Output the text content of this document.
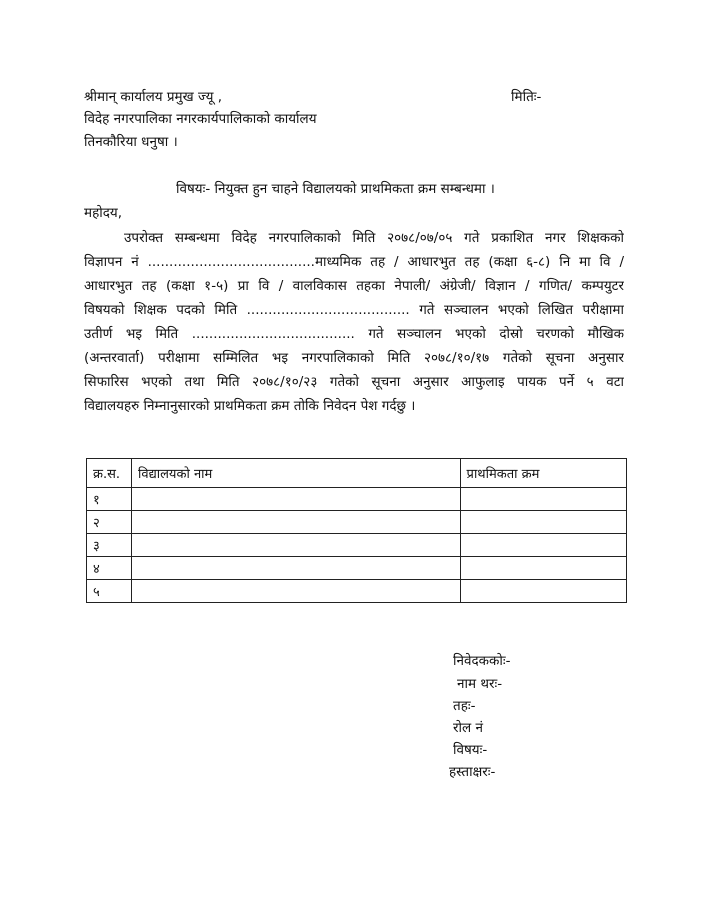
श्रीमान् कार्यालय प्रमुख ज्यू ,	मितिः-
विदेह नगरपालिका नगरकार्यपालिकाको कार्यालय
तिनकौरिया धनुषा ।
विषयः- नियुक्त हुन चाहने विद्यालयको प्राथमिकता क्रम सम्बन्धमा ।
महोदय,
उपरोक्त सम्बन्धमा विदेह नगरपालिकाको मिति २०७८/०७/०५ गते प्रकाशित नगर शिक्षकको
विज्ञापन नं .......................................माध्यमिक तह / आधारभुत तह (कक्षा ६-८) नि मा वि /
आधारभुत तह (कक्षा १-५) प्रा वि / वालविकास तहका नेपाली/ अंग्रेजी/ विज्ञान / गणित/ कम्पयुटर
विषयको शिक्षक पदको मिति ...................................... गते सञ्चालन भएको लिखित परीक्षामा
उतीर्ण भइ मिति ...................................... गते सञ्चालन भएको दोस्रो चरणको मौखिक
(अन्तरवार्ता) परीक्षामा सम्मिलित भइ नगरपालिकाको मिति २०७८/१०/१७ गतेको सूचना अनुसार
सिफारिस भएको तथा मिति २०७८/१०/२३ गतेको सूचना अनुसार आफुलाइ पायक पर्ने ५ वटा
विद्यालयहरु निम्नानुसारको प्राथमिकता क्रम तोकि निवेदन पेश गर्दछु ।
क्र.स.	विद्यालयको नाम	प्राथमिकता क्रम
१		
२		
३		
४		
५		
निवेदककोः-
नाम थरः-
तहः-
रोल नं
विषयः-
हस्ताक्षरः-
